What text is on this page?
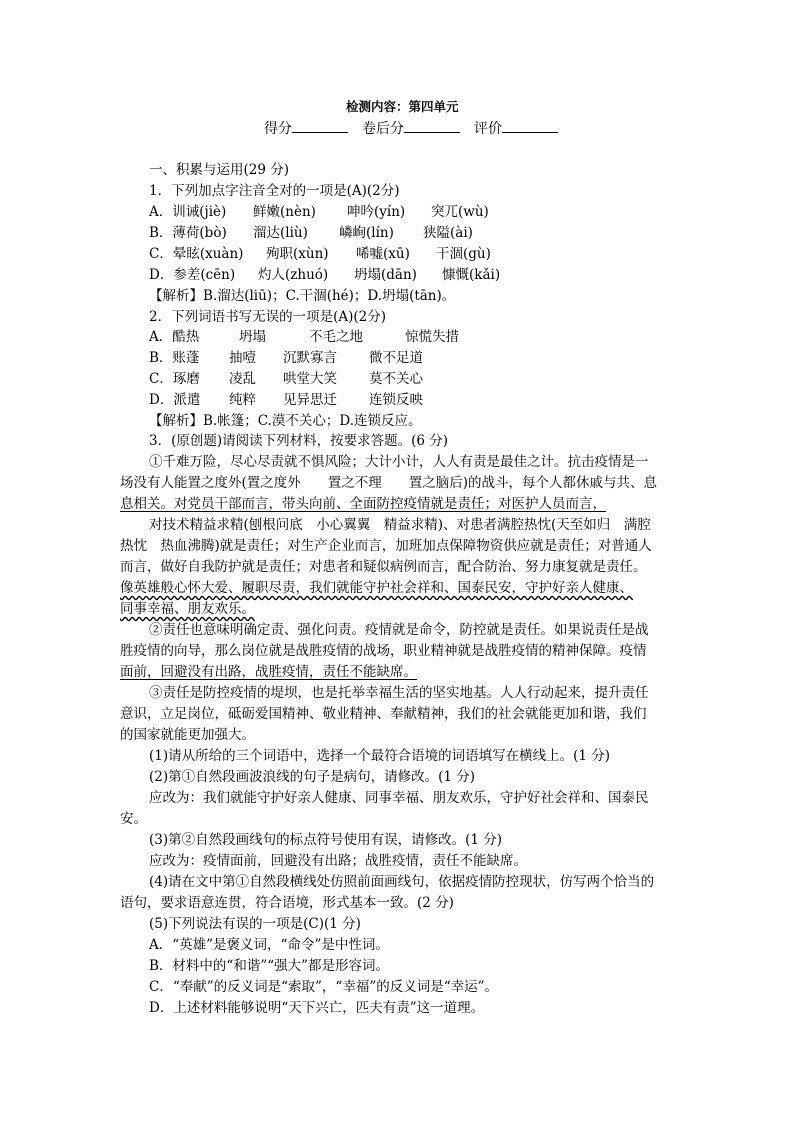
检测内容：第四单元
得分	卷后分	评价
一、积累与运用(29 分)
1．下列加点字注音全对的一项是(A)(2分)
A．训诫(jiè) 鲜嫩(nèn) 呻吟(yín) 突兀(wù)
B．薄荷(bò) 溜达(liù) 嶙峋(lín) 狭隘(ài)
C．晕眩(xuàn) 殉职(xùn) 唏嘘(xū) 干涸(gù)
D．参差(cēn) 灼人(zhuó) 坍塌(dān) 慷慨(kǎi)
【解析】B.溜达(liū)；C.干涸(hé)；D.坍塌(tān)。
2．下列词语书写无误的一项是(A)(2分)
A．酷热	坍塌	不毛之地	惊慌失措
B．账蓬 抽噎 沉默寡言 微不足道
C．琢磨 凌乱 哄堂大笑 莫不关心
D．派遣 纯粹 见异思迁 连锁反映
【解析】B.帐篷；C.漠不关心；D.连锁反应。
3．(原创题)请阅读下列材料，按要求答题。(6 分)
①千难万险，尽心尽责就不惧风险；大计小计，人人有责是最佳之计。抗击疫情是一
场没有人能置之度外(置之度外　　置之不理　　置之脑后)的战斗，每个人都休戚与共、息
息相关。对党员干部而言，带头向前、全面防控疫情就是责任；对医护人员而言，
对技术精益求精(刨根问底　小心翼翼　精益求精)、对患者满腔热忱(天至如归　满腔
热忱　热血沸腾)就是责任；对生产企业而言，加班加点保障物资供应就是责任；对普通人
而言，做好自我防护就是责任；对患者和疑似病例而言，配合防治、努力康复就是责任。
像英雄般心怀大爱、履职尽责，我们就能守护社会祥和、国泰民安，守护好亲人健康、
同事幸福、朋友欢乐。
②责任也意味明确定责、强化问责。疫情就是命令，防控就是责任。如果说责任是战
胜疫情的向导，那么岗位就是战胜疫情的战场，职业精神就是战胜疫情的精神保障。疫情
面前，回避没有出路，战胜疫情，责任不能缺席。
③责任是防控疫情的堤坝，也是托举幸福生活的坚实地基。人人行动起来，提升责任
意识，立足岗位，砥砺爱国精神、敬业精神、奉献精神，我们的社会就能更加和谐，我们
的国家就能更加强大。
(1)请从所给的三个词语中，选择一个最符合语境的词语填写在横线上。(1 分)
(2)第①自然段画波浪线的句子是病句，请修改。(1 分)
应改为：我们就能守护好亲人健康、同事幸福、朋友欢乐，守护好社会祥和、国泰民
安。
(3)第②自然段画线句的标点符号使用有误，请修改。(1 分)
应改为：疫情面前，回避没有出路；战胜疫情，责任不能缺席。
(4)请在文中第①自然段横线处仿照前面画线句，依据疫情防控现状，仿写两个恰当的
语句，要求语意连贯，符合语境，形式基本一致。(2 分)
(5)下列说法有误的一项是(C)(1 分)
A．“英雄”是褒义词，“命令”是中性词。
B．材料中的“和谐”“强大”都是形容词。
C．“奉献”的反义词是“索取”，“幸福”的反义词是“幸运”。
D．上述材料能够说明“天下兴亡，匹夫有责”这一道理。
